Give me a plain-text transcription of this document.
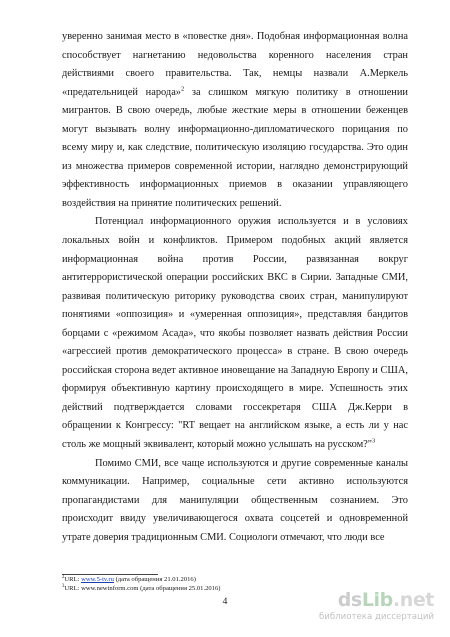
уверенно занимая место в «повестке дня». Подобная информационная волна способствует нагнетанию недовольства коренного населения стран действиями своего правительства. Так, немцы назвали А.Меркель «предательницей народа»$^2$ за слишком мягкую политику в отношении мигрантов. В свою очередь, любые жесткие меры в отношении беженцев могут вызывать волну информационно-дипломатического порицания по всему миру и, как следствие, политическую изоляцию государства. Это один из множества примеров современной истории, наглядно демонстрирующий эффективность информационных приемов в оказании управляющего воздействия на принятие политических решений.

Потенциал информационного оружия используется и в условиях локальных войн и конфликтов. Примером подобных акций является информационная война против России, развязанная вокруг антитеррористической операции российских ВКС в Сирии. Западные СМИ, развивая политическую риторику руководства своих стран, манипулируют понятиями «оппозиция» и «умеренная оппозиция», представляя бандитов борцами с «режимом Асада», что якобы позволяет назвать действия России «агрессией против демократического процесса» в стране. В свою очередь российская сторона ведет активное иновещание на Западную Европу и США, формируя объективную картину происходящего в мире. Успешность этих действий подтверждается словами госсекретаря США Дж.Керри в обращении к Конгрессу: "RT вещает на английском языке, а есть ли у нас столь же мощный эквивалент, который можно услышать на русском?"$^3$

Помимо СМИ, все чаще используются и другие современные каналы коммуникации. Например, социальные сети активно используются пропагандистами для манипуляции общественным сознанием. Это происходит ввиду увеличивающегося охвата соцсетей и одновременной утрате доверия традиционным СМИ. Социологи отмечают, что люди все

$^2$URL: www.5-tv.ru (дата обращения 21.01.2016)

$^3$URL: www.newinform.com (дата обращения 25.01.2016)

4	dsLib.net
библиотека диссертаций
